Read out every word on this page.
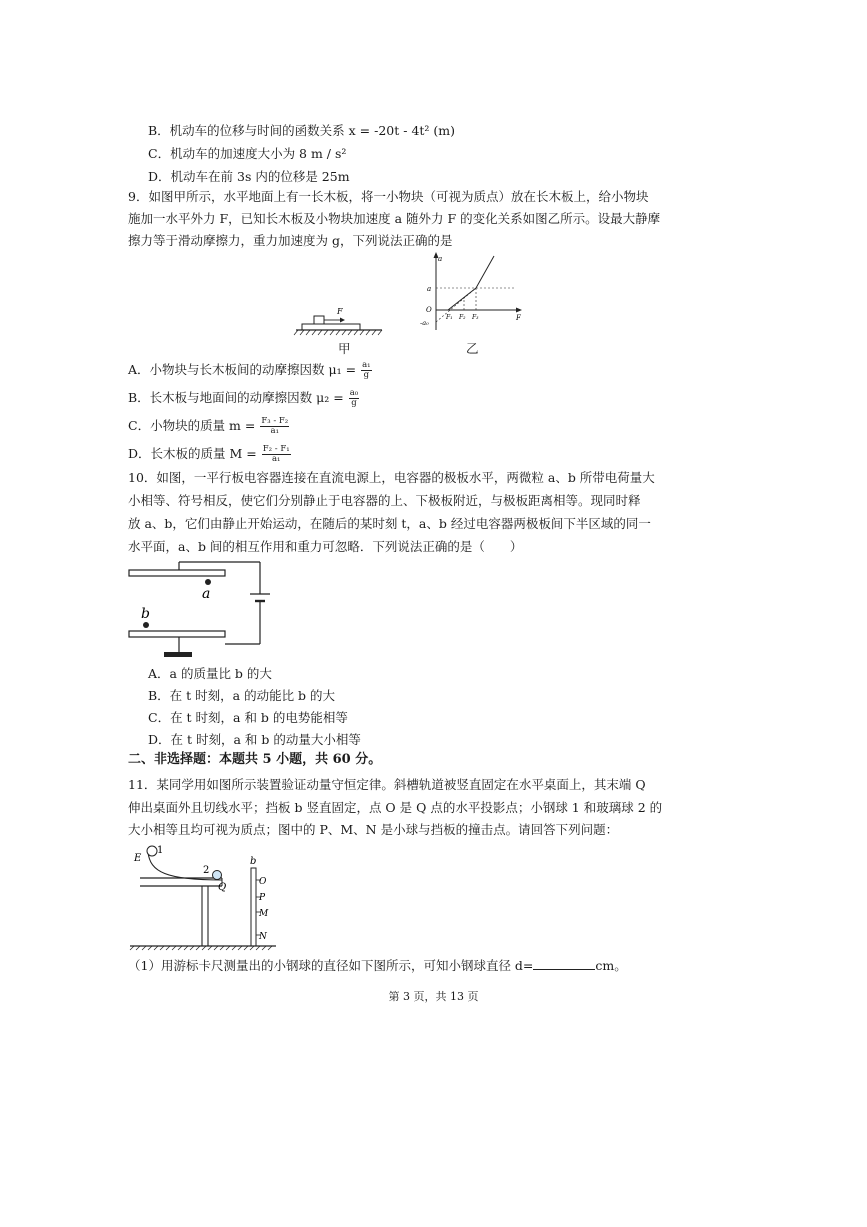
B．机动车的位移与时间的函数关系 x = -20t - 4t² (m)
C．机动车的加速度大小为 8 m / s²
D．机动车在前 3s 内的位移是 25m
9．如图甲所示，水平地面上有一长木板，将一小物块（可视为质点）放在长木板上，给小物块
施加一水平外力 F，已知长木板及小物块加速度 a 随外力 F 的变化关系如图乙所示。设最大静摩
擦力等于滑动摩擦力，重力加速度为 g，下列说法正确的是
F
甲
a
F
O
a
-a₀
F₁ F₂ F₃
乙
A．小物块与长木板间的动摩擦因数 $\mu_1 = \frac{\text{a₁}}{g}$
B．长木板与地面间的动摩擦因数 $\mu_2 = \frac{\text{a₀}}{g}$
C．小物块的质量 $m = \frac{\text{F₃ - F₂}}{\text{a₁}}$
D．长木板的质量 $M = \frac{\text{F₂ - F₁}}{\text{a₁}}$
10．如图，一平行板电容器连接在直流电源上，电容器的极板水平，两微粒 a、b 所带电荷量大
小相等、符号相反，使它们分别静止于电容器的上、下极板附近，与极板距离相等。现同时释
放 a、b，它们由静止开始运动，在随后的某时刻 t，a、b 经过电容器两极板间下半区域的同一
水平面，a、b 间的相互作用和重力可忽略．下列说法正确的是（　　）
a
b
A．a 的质量比 b 的大
B．在 t 时刻，a 的动能比 b 的大
C．在 t 时刻，a 和 b 的电势能相等
D．在 t 时刻，a 和 b 的动量大小相等
二、非选择题：本题共 5 小题，共 60 分。
11．某同学用如图所示装置验证动量守恒定律。斜槽轨道被竖直固定在水平桌面上，其末端 Q
伸出桌面外且切线水平；挡板 b 竖直固定，点 O 是 Q 点的水平投影点；小钢球 1 和玻璃球 2 的
大小相等且均可视为质点；图中的 P、M、N 是小球与挡板的撞击点。请回答下列问题：
E
1
2
Q
b
O
P
M
N
（1）用游标卡尺测量出的小钢球的直径如下图所示，可知小钢球直径 d=	cm。
第 3 页，共 13 页
